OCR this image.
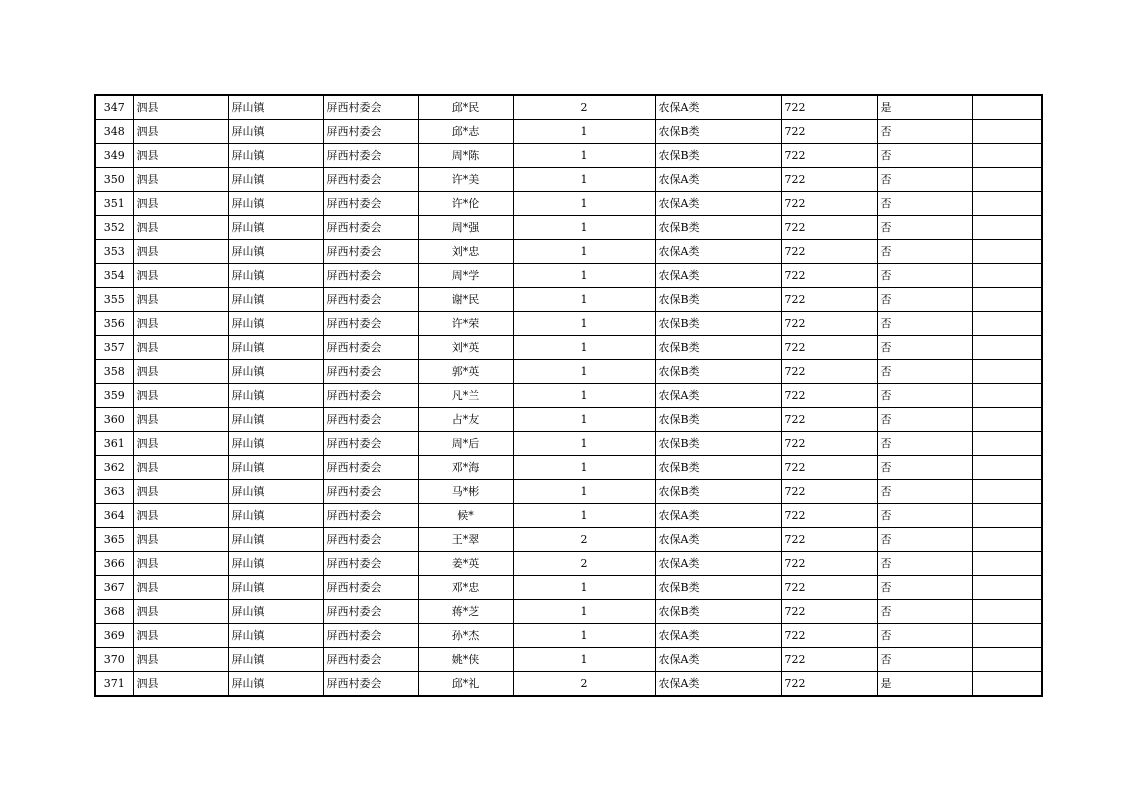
347	泗县	屏山镇	屏西村委会	邱*民	2	农保A类	722	是	
348	泗县	屏山镇	屏西村委会	邱*志	1	农保B类	722	否	
349	泗县	屏山镇	屏西村委会	周*陈	1	农保B类	722	否	
350	泗县	屏山镇	屏西村委会	许*美	1	农保A类	722	否	
351	泗县	屏山镇	屏西村委会	许*伦	1	农保A类	722	否	
352	泗县	屏山镇	屏西村委会	周*强	1	农保B类	722	否	
353	泗县	屏山镇	屏西村委会	刘*忠	1	农保A类	722	否	
354	泗县	屏山镇	屏西村委会	周*学	1	农保A类	722	否	
355	泗县	屏山镇	屏西村委会	谢*民	1	农保B类	722	否	
356	泗县	屏山镇	屏西村委会	许*荣	1	农保B类	722	否	
357	泗县	屏山镇	屏西村委会	刘*英	1	农保B类	722	否	
358	泗县	屏山镇	屏西村委会	郭*英	1	农保B类	722	否	
359	泗县	屏山镇	屏西村委会	凡*兰	1	农保A类	722	否	
360	泗县	屏山镇	屏西村委会	占*友	1	农保B类	722	否	
361	泗县	屏山镇	屏西村委会	周*后	1	农保B类	722	否	
362	泗县	屏山镇	屏西村委会	邓*海	1	农保B类	722	否	
363	泗县	屏山镇	屏西村委会	马*彬	1	农保B类	722	否	
364	泗县	屏山镇	屏西村委会	候*	1	农保A类	722	否	
365	泗县	屏山镇	屏西村委会	王*翠	2	农保A类	722	否	
366	泗县	屏山镇	屏西村委会	姜*英	2	农保A类	722	否	
367	泗县	屏山镇	屏西村委会	邓*忠	1	农保B类	722	否	
368	泗县	屏山镇	屏西村委会	蒋*芝	1	农保B类	722	否	
369	泗县	屏山镇	屏西村委会	孙*杰	1	农保A类	722	否	
370	泗县	屏山镇	屏西村委会	姚*侠	1	农保A类	722	否	
371	泗县	屏山镇	屏西村委会	邱*礼	2	农保A类	722	是	
